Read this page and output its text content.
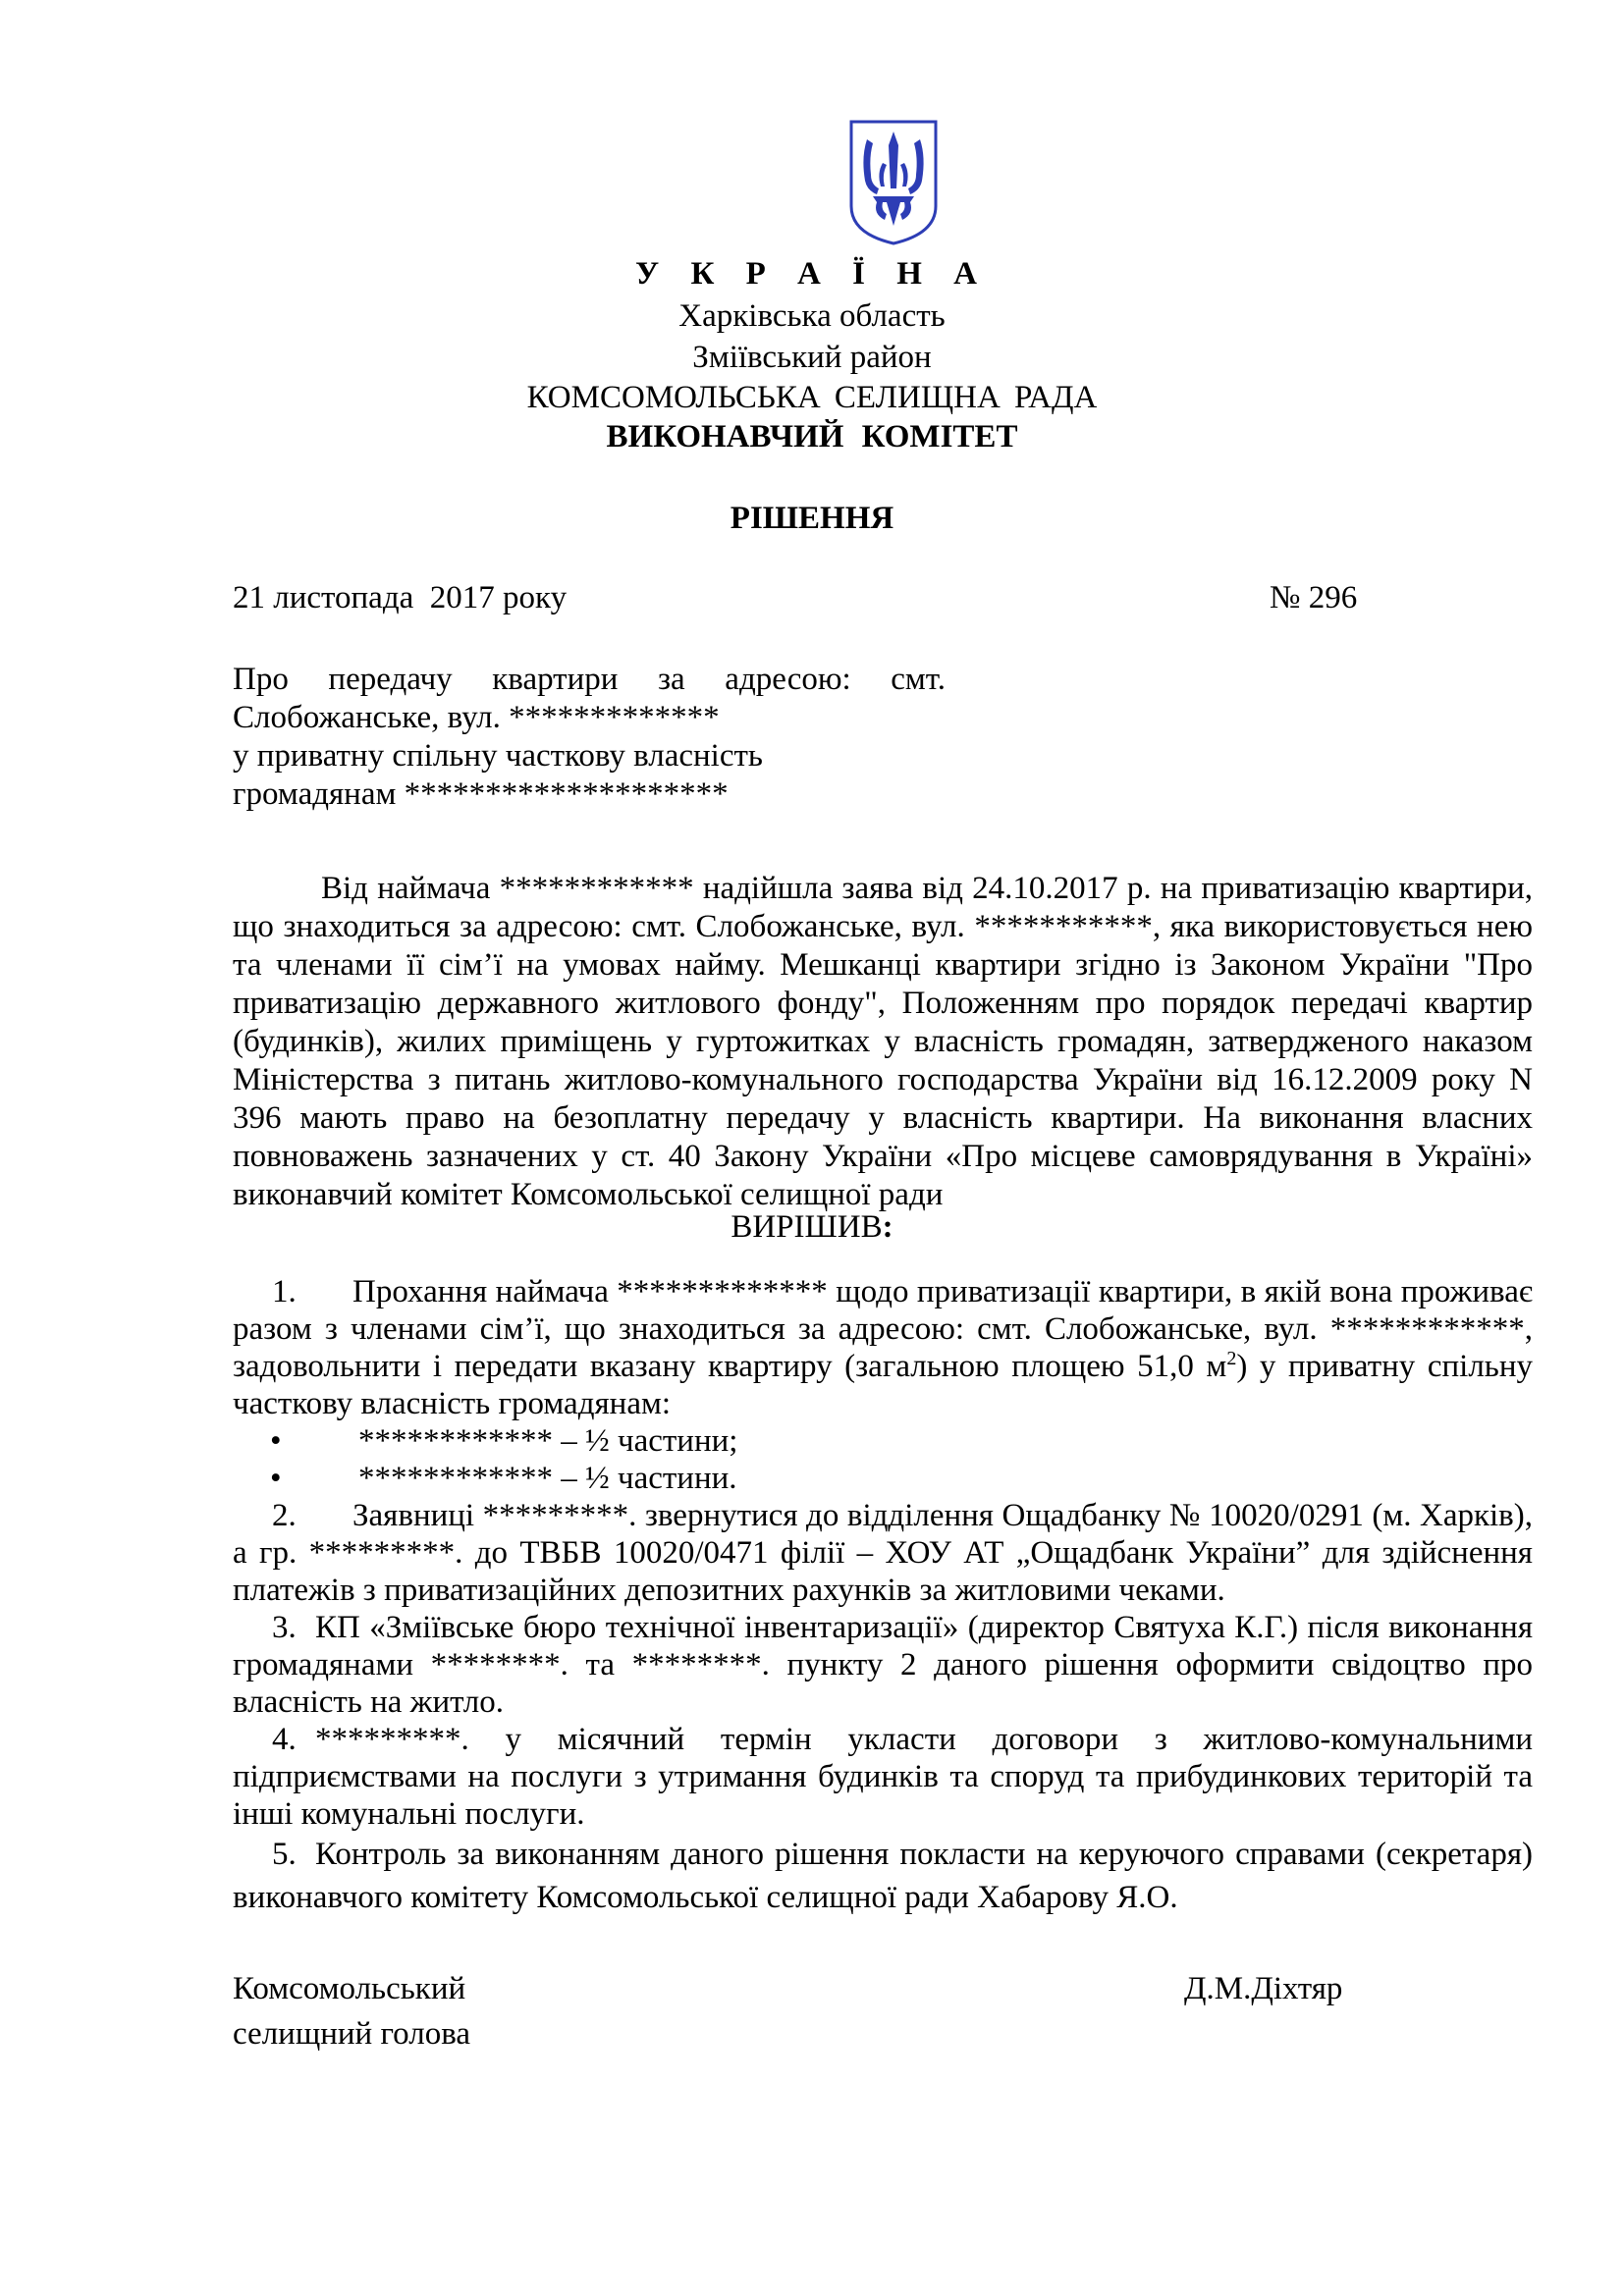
У К Р А Ї Н А
Харківська область
Зміївський район
КОМСОМОЛЬСЬКА СЕЛИЩНА РАДА
ВИКОНАВЧИЙ КОМІТЕТ
РІШЕННЯ
21 листопада  2017 року	№ 296
Про передачу квартири за адресою: смт.
Слобожанське, вул. *************
у приватну спільну часткову власність
громадянам ********************

Від наймача ************ надійшла заява від 24.10.2017 р. на приватизацію квартири, що знаходиться за адресою: смт. Слобожанське, вул. ***********, яка використовується нею та членами її сім’ї на умовах найму. Мешканці квартири згідно із Законом України "Про приватизацію державного житлового фонду", Положенням про порядок передачі квартир (будинків), жилих приміщень у гуртожитках у власність громадян, затвердженого наказом Міністерства з питань житлово-комунального господарства України від 16.12.2009 року N 396 мають право на безоплатну передачу у власність квартири. На виконання власних повноважень зазначених у ст. 40 Закону України «Про місцеве самоврядування в Україні» виконавчий комітет Комсомольської селищної ради

ВИРІШИВ:

1. Прохання наймача ************* щодо приватизації квартири, в якій вона проживає разом з членами сім’ї, що знаходиться за адресою: смт. Слобожанське, вул. ************, задовольнити і передати вказану квартиру (загальною площею 51,0 $м^2$) у приватну спільну часткову власність громадянам:

• ************ – ½ частини;

• ************ – ½ частини.

2. Заявниці *********. звернутися до відділення Ощадбанку № 10020/0291 (м. Харків), а гр. *********. до ТВБВ 10020/0471 філії – ХОУ АТ „Ощадбанк України” для здійснення платежів з приватизаційних депозитних рахунків за житловими чеками.

3. КП «Зміївське бюро технічної інвентаризації» (директор Святуха К.Г.) після виконання громадянами ********. та ********. пункту 2 даного рішення оформити свідоцтво про власність на житло.

4. *********. у місячний термін укласти договори з житлово-комунальними підприємствами на послуги з утримання будинків та споруд та прибудинкових територій та інші комунальні послуги.

5. Контроль за виконанням даного рішення покласти на керуючого справами (секретаря) виконавчого комітету Комсомольської селищної ради Хабарову Я.О.

Комсомольський
селищний голова
Д.М.Діхтяр
